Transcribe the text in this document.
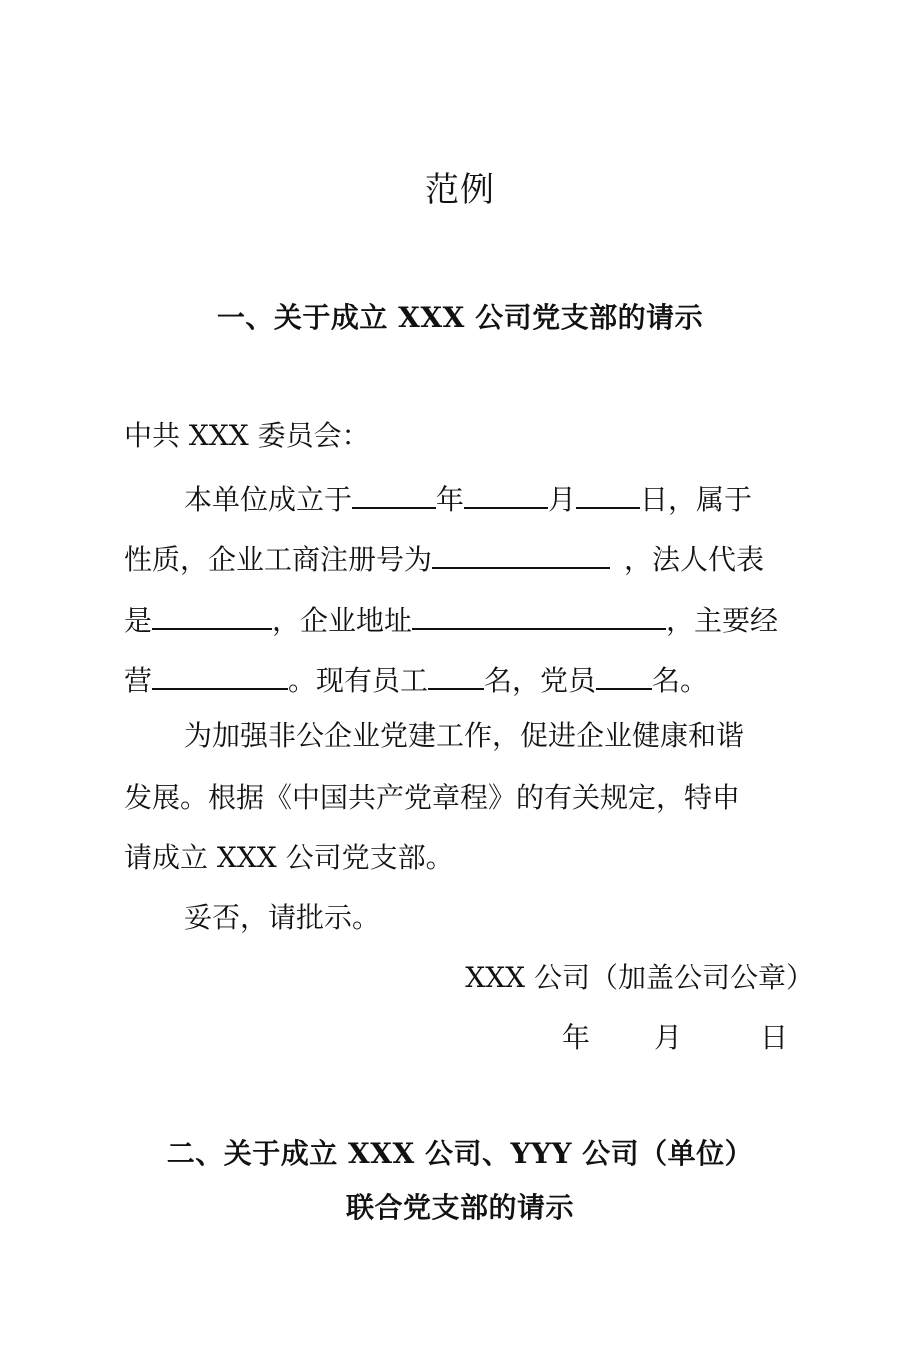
范例
一、关于成立 XXX 公司党支部的请示
中共 XXX 委员会：
本单位成立于	年	月 日，属于
性质，企业工商注册号为	，法人代表
是	，企业地址	，主要经
营	。现有员工 名，党员 名。
为加强非公企业党建工作，促进企业健康和谐
发展。根据《中国共产党章程》的有关规定，特申
请成立 XXX 公司党支部。
妥否，请批示。
XXX 公司（加盖公司公章）
年 月	日
二、关于成立 XXX 公司、YYY 公司（单位）
联合党支部的请示
